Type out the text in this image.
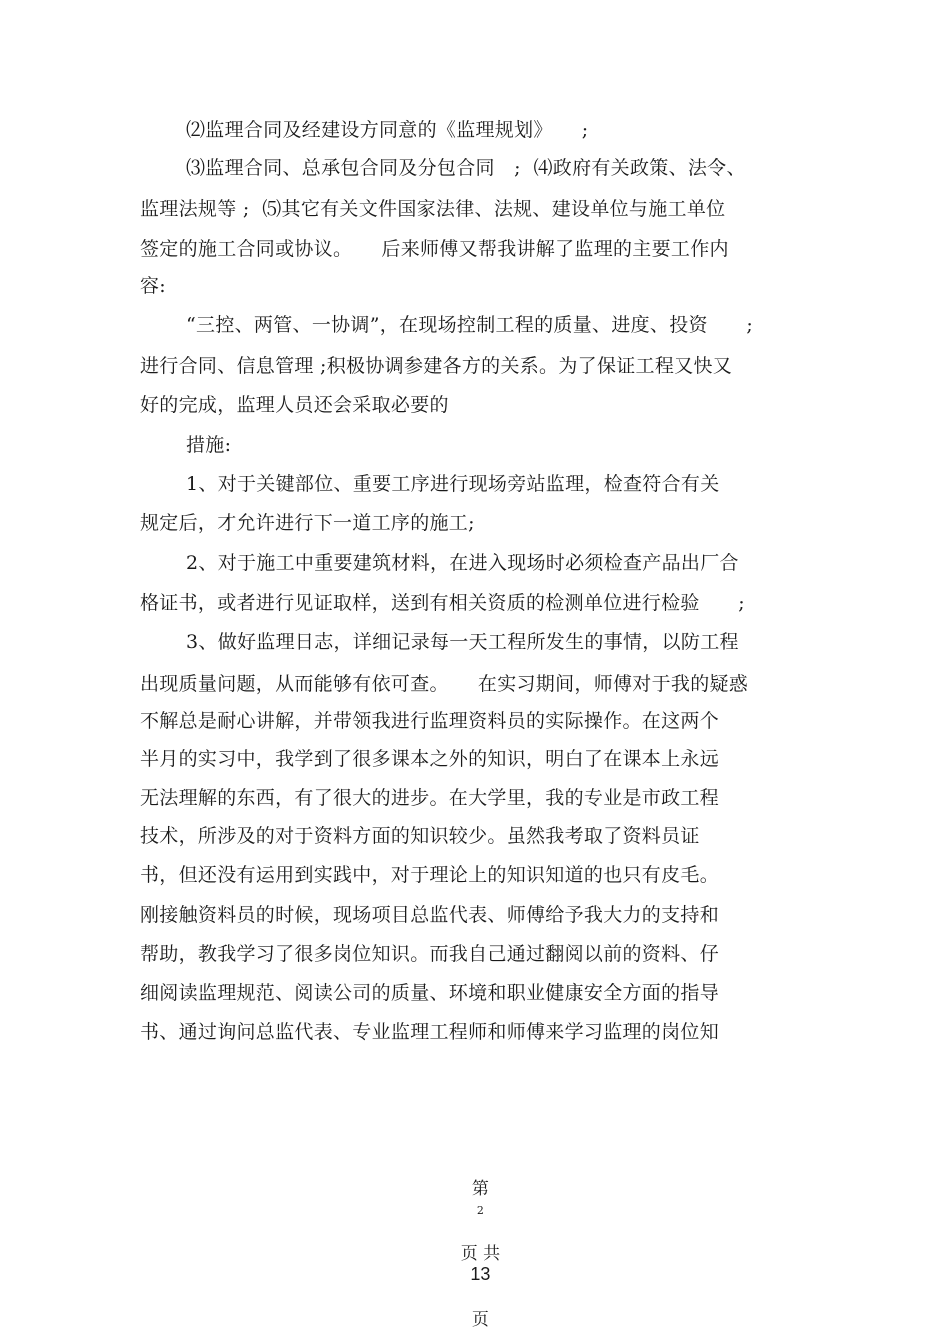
⑵监理合同及经建设方同意的《监理规划》　　;

⑶监理合同、总承包合同及分包合同　;  ⑷政府有关政策、法令、

监理法规等 ;  ⑸其它有关文件国家法律、法规、建设单位与施工单位

签定的施工合同或协议。　　后来师傅又帮我讲解了监理的主要工作内

容:

“三控、两管、一协调”，在现场控制工程的质量、进度、投资　　;

进行合同、信息管理 ;积极协调参建各方的关系。为了保证工程又快又

好的完成，监理人员还会采取必要的

措施:

1、对于关键部位、重要工序进行现场旁站监理，检查符合有关

规定后，才允许进行下一道工序的施工;

2、对于施工中重要建筑材料，在进入现场时必须检查产品出厂合

格证书，或者进行见证取样，送到有相关资质的检测单位进行检验　　;

3、做好监理日志，详细记录每一天工程所发生的事情，以防工程

出现质量问题，从而能够有依可查。　　在实习期间，师傅对于我的疑惑

不解总是耐心讲解，并带领我进行监理资料员的实际操作。在这两个

半月的实习中，我学到了很多课本之外的知识，明白了在课本上永远

无法理解的东西，有了很大的进步。在大学里，我的专业是市政工程

技术，所涉及的对于资料方面的知识较少。虽然我考取了资料员证

书，但还没有运用到实践中，对于理论上的知识知道的也只有皮毛。

刚接触资料员的时候，现场项目总监代表、师傅给予我大力的支持和

帮助，教我学习了很多岗位知识。而我自己通过翻阅以前的资料、仔

细阅读监理规范、阅读公司的质量、环境和职业健康安全方面的指导

书、通过询问总监代表、专业监理工程师和师傅来学习监理的岗位知

第
2

页 共
13

页
